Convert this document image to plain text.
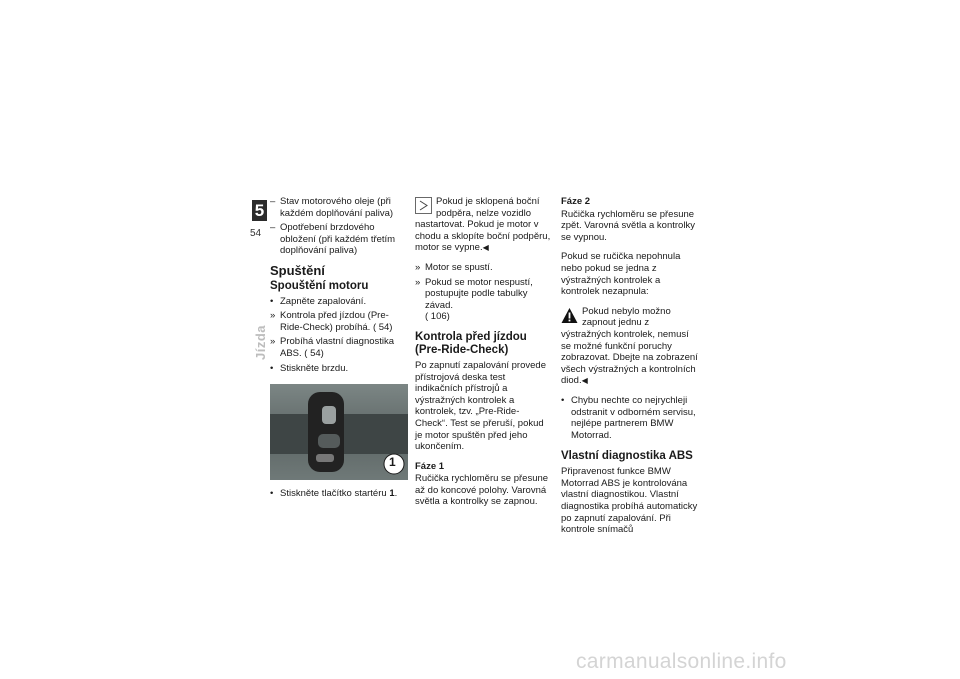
5
54
Jízda
– Stav motorového oleje (při každém doplňování paliva)
– Opotřebení brzdového obložení (při každém třetím doplňování paliva)
Spuštění
Spouštění motoru
• Zapněte zapalování.
» Kontrola před jízdou (Pre-Ride-Check) probíhá. ( 54)
» Probíhá vlastní diagnostika ABS. ( 54)
• Stiskněte brzdu.
1
• Stiskněte tlačítko startéru 1.

Pokud je sklopená boční podpěra, nelze vozidlo nastartovat. Pokud je motor v chodu a sklopíte boční podpěru, motor se vypne.◀

» Motor se spustí.
» Pokud se motor nespustí, postupujte podle tabulky závad.
( 106)
Kontrola před jízdou (Pre-Ride-Check)

Po zapnutí zapalování provede přístrojová deska test indikačních přístrojů a výstražných kontrolek a kontrolek, tzv. „Pre-Ride-Check“. Test se přeruší, pokud je motor spuštěn před jeho ukončením.

Fáze 1

Ručička rychloměru se přesune až do koncové polohy. Varovná světla a kontrolky se zapnou.

Fáze 2

Ručička rychloměru se přesune zpět. Varovná světla a kontrolky se vypnou.

Pokud se ručička nepohnula nebo pokud se jedna z výstražných kontrolek a kontrolek nezapnula:

Pokud nebylo možno zapnout jednu z výstražných kontrolek, nemusí se možné funkční poruchy zobrazovat. Dbejte na zobrazení všech výstražných a kontrolních diod.◀

• Chybu nechte co nejrychleji odstranit v odborném servisu, nejlépe partnerem BMW Motorrad.
Vlastní diagnostika ABS

Připravenost funkce BMW Motorrad ABS je kontrolována vlastní diagnostikou. Vlastní diagnostika probíhá automaticky po zapnutí zapalování. Při kontrole snímačů

carmanualsonline.info
